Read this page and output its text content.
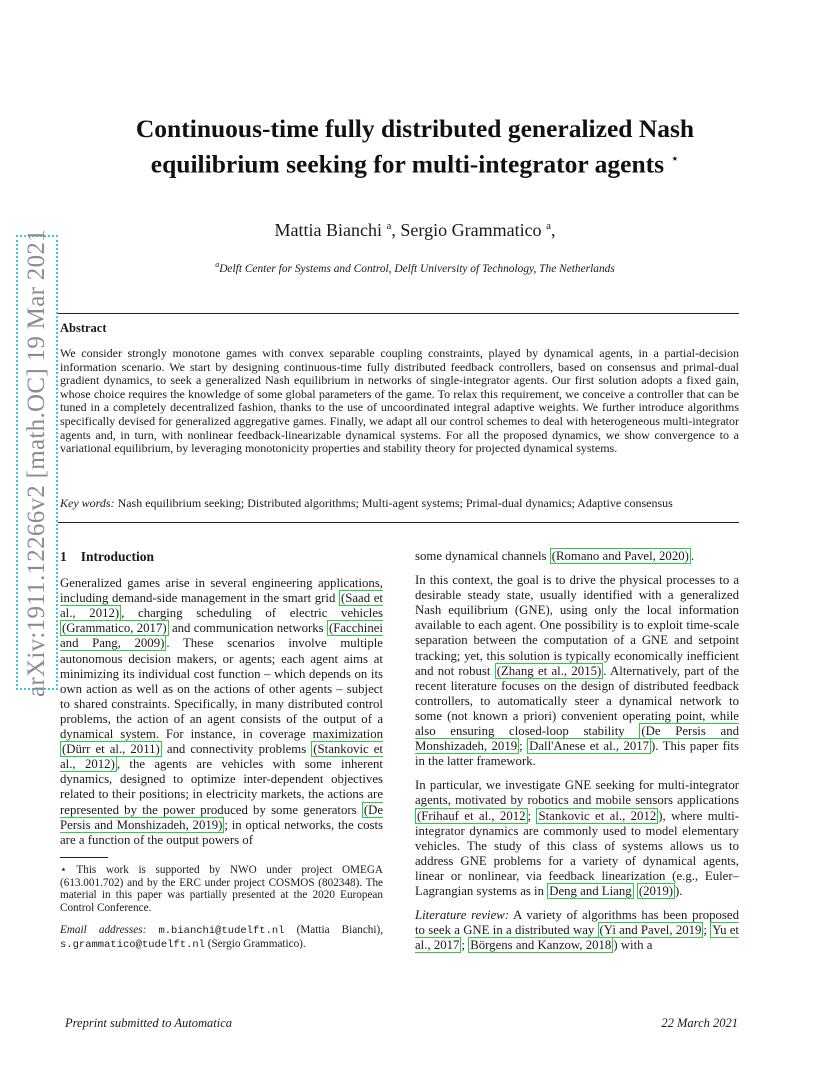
arXiv:1911.12266v2 [math.OC] 19 Mar 2021
Continuous-time fully distributed generalized Nash
equilibrium seeking for multi-integrator agents ⋆
Mattia Bianchi $^a$, Sergio Grammatico $^a$,
$^a$Delft Center for Systems and Control, Delft University of Technology, The Netherlands
Abstract
We consider strongly monotone games with convex separable coupling constraints, played by dynamical agents, in a partial-decision information scenario. We start by designing continuous-time fully distributed feedback controllers, based on consensus and primal-dual gradient dynamics, to seek a generalized Nash equilibrium in networks of single-integrator agents. Our first solution adopts a fixed gain, whose choice requires the knowledge of some global parameters of the game. To relax this requirement, we conceive a controller that can be tuned in a completely decentralized fashion, thanks to the use of uncoordinated integral adaptive weights. We further introduce algorithms specifically devised for generalized aggregative games. Finally, we adapt all our control schemes to deal with heterogeneous multi-integrator agents and, in turn, with nonlinear feedback-linearizable dynamical systems. For all the proposed dynamics, we show convergence to a variational equilibrium, by leveraging monotonicity properties and stability theory for projected dynamical systems.
Key words: Nash equilibrium seeking; Distributed algorithms; Multi-agent systems; Primal-dual dynamics; Adaptive consensus
1 Introduction

Generalized games arise in several engineering applications, including demand-side management in the smart grid (Saad et al., 2012) , charging scheduling of electric vehicles (Grammatico, 2017) and communication networks (Facchinei and Pang, 2009) . These scenarios involve multiple autonomous decision makers, or agents; each agent aims at minimizing its individual cost function – which depends on its own action as well as on the actions of other agents – subject to shared constraints. Specifically, in many distributed control problems, the action of an agent consists of the output of a dynamical system. For instance, in coverage maximization (Dürr et al., 2011) and connectivity problems (Stankovic et al., 2012) , the agents are vehicles with some inherent dynamics, designed to optimize inter-dependent objectives related to their positions; in electricity markets, the actions are represented by the power produced by some generators (De Persis and Monshizadeh, 2019) ; in optical networks, the costs are a function of the output powers of

⋆ This work is supported by NWO under project OMEGA (613.001.702) and by the ERC under project COSMOS (802348). The material in this paper was partially presented at the 2020 European Control Conference.

Email addresses: m.bianchi@tudelft.nl (Mattia Bianchi), s.grammatico@tudelft.nl (Sergio Grammatico).

some dynamical channels (Romano and Pavel, 2020) .

In this context, the goal is to drive the physical processes to a desirable steady state, usually identified with a generalized Nash equilibrium (GNE), using only the local information available to each agent. One possibility is to exploit time-scale separation between the computation of a GNE and setpoint tracking; yet, this solution is typically economically inefficient and not robust (Zhang et al., 2015) . Alternatively, part of the recent literature focuses on the design of distributed feedback controllers, to automatically steer a dynamical network to some (not known a priori) convenient operating point, while also ensuring closed-loop stability (De Persis and Monshizadeh, 2019 ; Dall'Anese et al., 2017 ). This paper fits in the latter framework.

In particular, we investigate GNE seeking for multi-integrator agents, motivated by robotics and mobile sensors applications (Frihauf et al., 2012 ; Stankovic et al., 2012 ), where multi-integrator dynamics are commonly used to model elementary vehicles. The study of this class of systems allows us to address GNE problems for a variety of dynamical agents, linear or nonlinear, via feedback linearization (e.g., Euler–Lagrangian systems as in Deng and Liang (2019) ).

Literature review: A variety of algorithms has been proposed to seek a GNE in a distributed way (Yi and Pavel, 2019 ; Yu et al., 2017 ; Börgens and Kanzow, 2018 ) with a

Preprint submitted to Automatica	22 March 2021
